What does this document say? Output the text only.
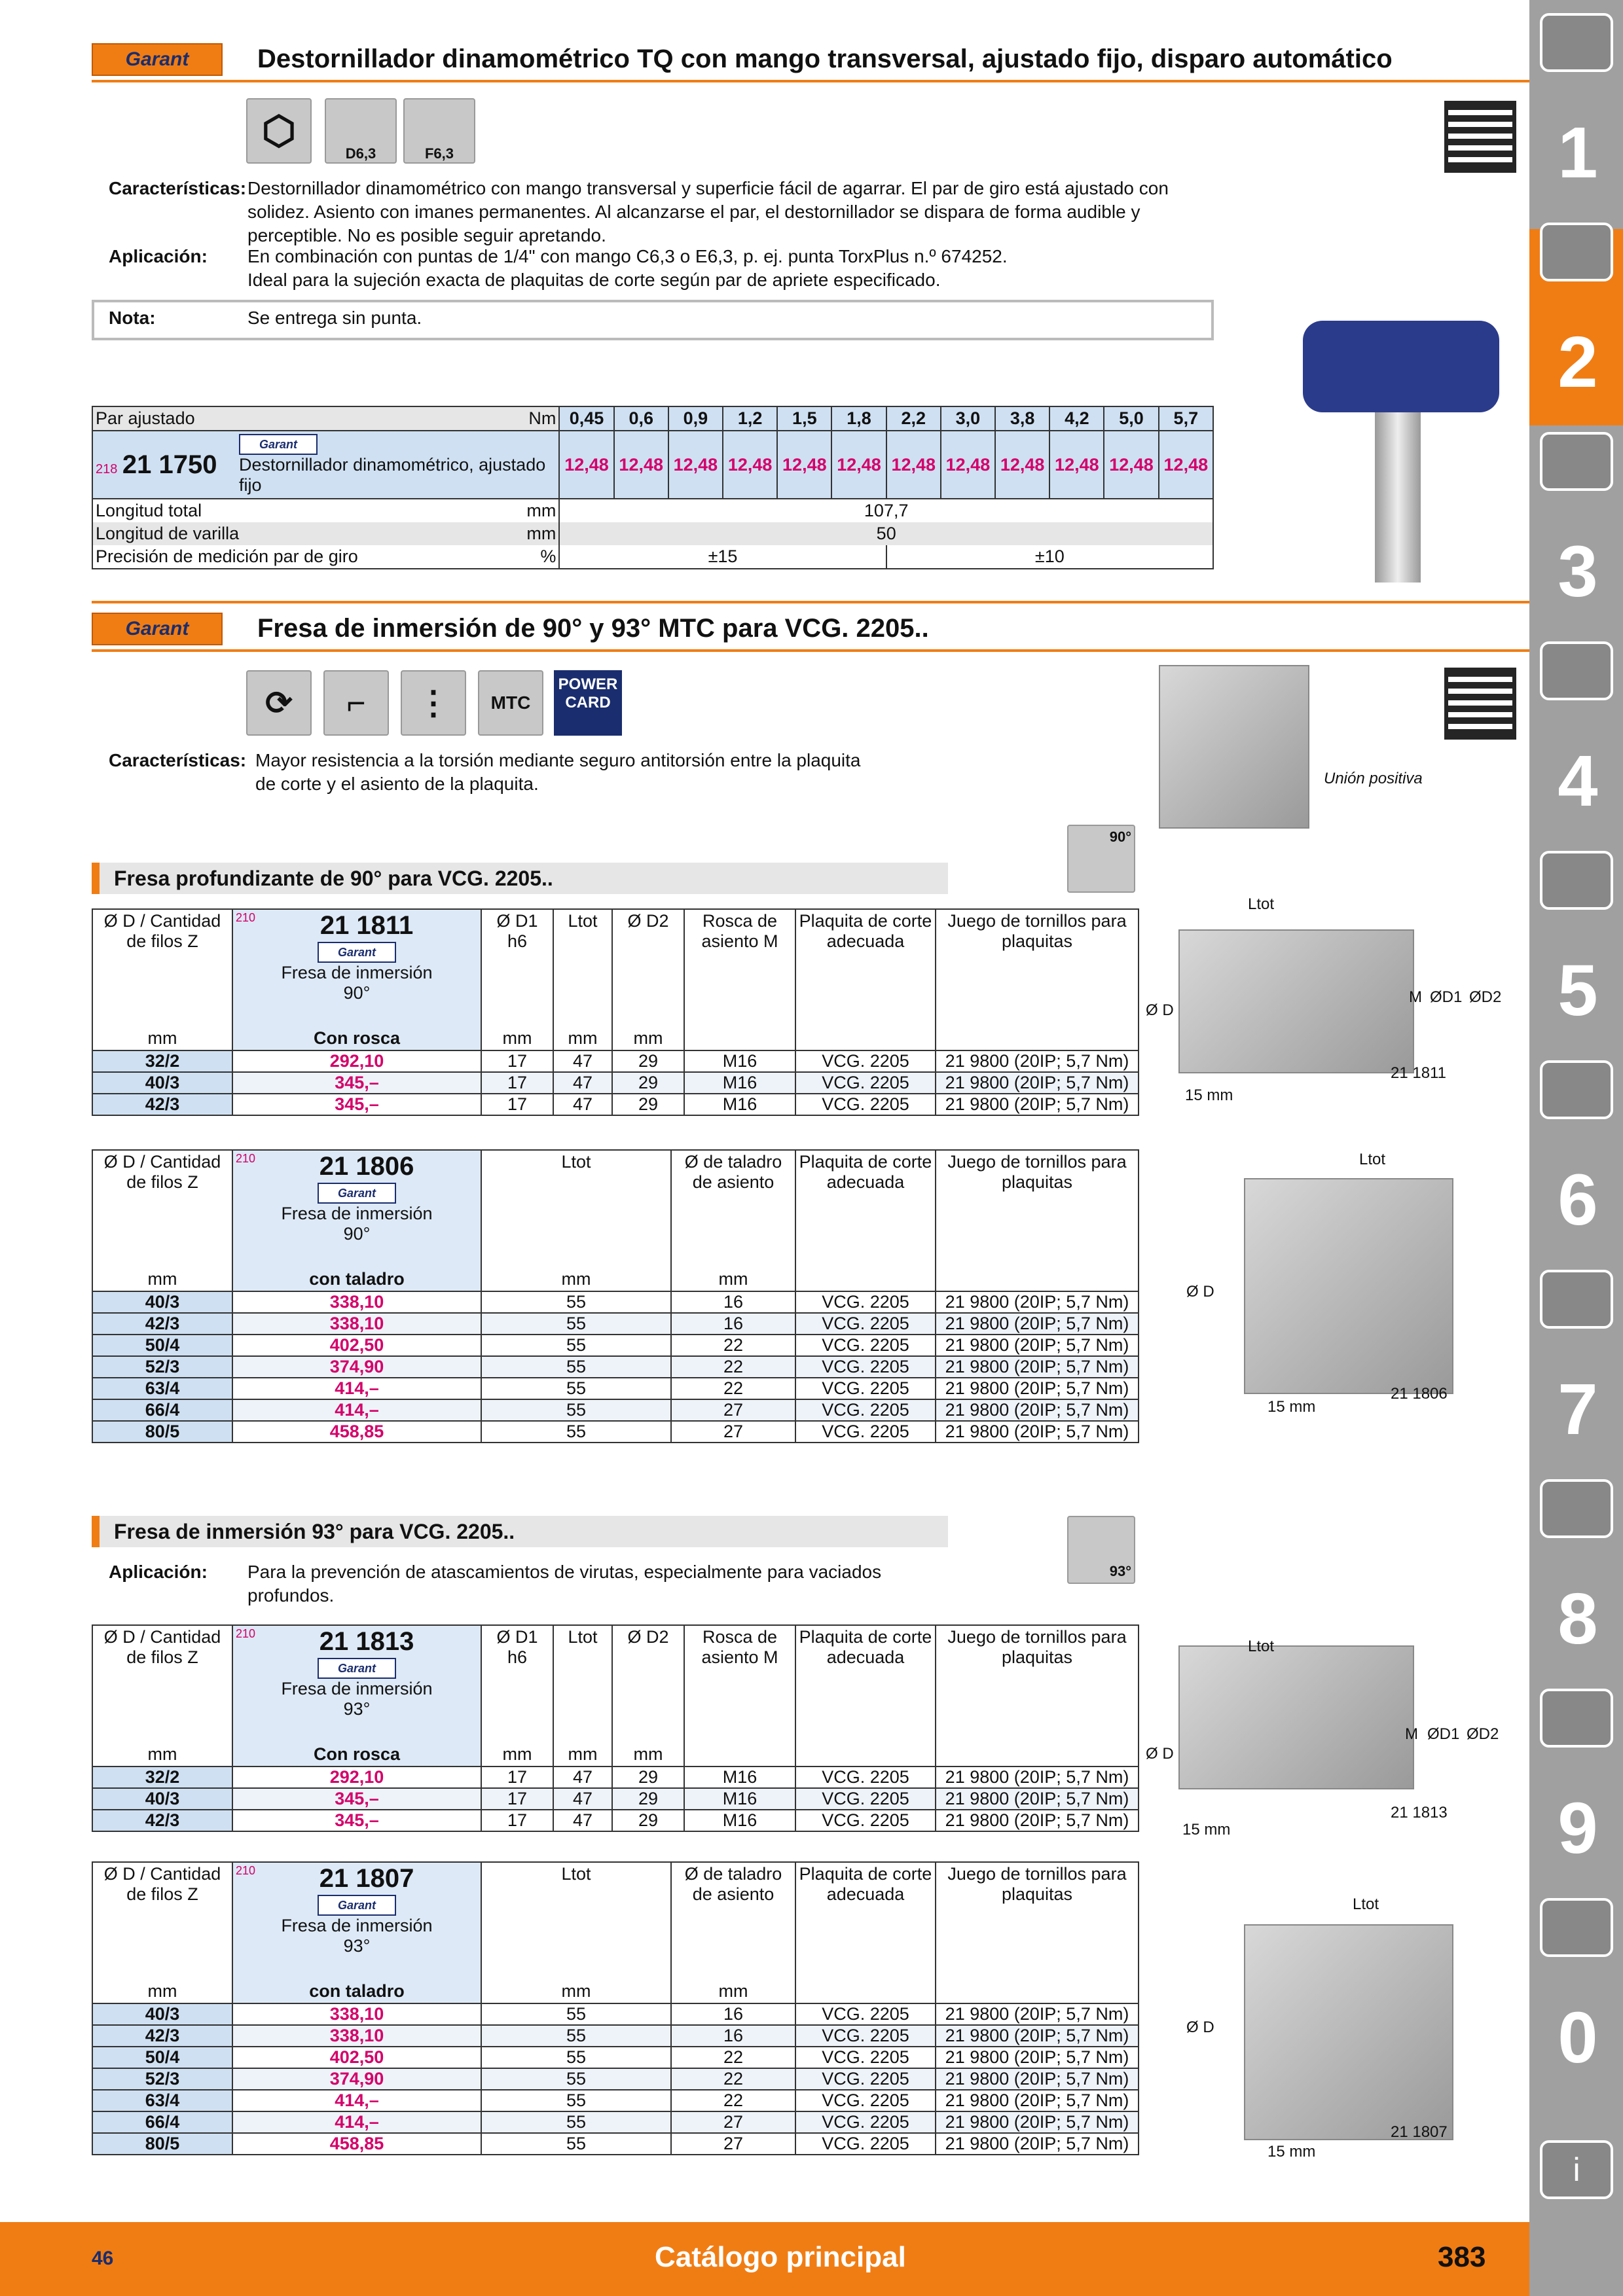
Garant	Destornillador dinamométrico TQ con mango transversal, ajustado fijo, disparo automático
⬡
D6,3	F6,3
Características: Destornillador dinamométrico con mango transversal y superficie fácil de agarrar. El par de giro está ajustado con solidez. Asiento con imanes permanentes. Al alcanzarse el par, el destornillador se dispara de forma audible y perceptible. No es posible seguir apretando.
Aplicación: En combinación con puntas de 1/4" con mango C6,3 o E6,3, p. ej. punta TorxPlus n.º 674252.
Ideal para la sujeción exacta de plaquitas de corte según par de apriete especificado.
Nota:	Se entrega sin punta.
Par ajustado		Nm	0,45	0,6	0,9	1,2	1,5	1,8	2,2	3,0	3,8	4,2	5,0	5,7
218 21 1750	Garant
Destornillador dinamométrico, ajustado fijo		12,48	12,48	12,48	12,48	12,48	12,48	12,48	12,48	12,48	12,48	12,48	12,48
Longitud total		mm	107,7											
Longitud de varilla		mm	50											
Precisión de medición par de giro		%	±15						±10					
Garant	Fresa de inmersión de 90° y 93° MTC para VCG. 2205..
⟳	⌐	⋮	MTC
POWER
CARD
Unión positiva
Características: Mayor resistencia a la torsión mediante seguro antitorsión entre la plaquita de corte y el asiento de la plaquita.
90°
Fresa profundizante de 90° para VCG. 2205..
Ø D / Cantidad de filos Z	210 21 1811
Garant
Fresa de inmersión
90°	Ø D1 h6	Ltot	Ø D2	Rosca de asiento M	Plaquita de corte adecuada	Juego de tornillos para plaquitas
mm	Con rosca	mm	mm	mm			
32/2	292,10	17	47	29	M16	VCG. 2205	21 9800 (20IP; 5,7 Nm)
40/3	345,–	17	47	29	M16	VCG. 2205	21 9800 (20IP; 5,7 Nm)
42/3	345,–	17	47	29	M16	VCG. 2205	21 9800 (20IP; 5,7 Nm)
Ø D / Cantidad de filos Z	210 21 1806
Garant
Fresa de inmersión
90°	Ltot	Ø de taladro de asiento	Plaquita de corte adecuada	Juego de tornillos para plaquitas
mm	con taladro	mm	mm		
40/3	338,10	55	16	VCG. 2205	21 9800 (20IP; 5,7 Nm)
42/3	338,10	55	16	VCG. 2205	21 9800 (20IP; 5,7 Nm)
50/4	402,50	55	22	VCG. 2205	21 9800 (20IP; 5,7 Nm)
52/3	374,90	55	22	VCG. 2205	21 9800 (20IP; 5,7 Nm)
63/4	414,–	55	22	VCG. 2205	21 9800 (20IP; 5,7 Nm)
66/4	414,–	55	27	VCG. 2205	21 9800 (20IP; 5,7 Nm)
80/5	458,85	55	27	VCG. 2205	21 9800 (20IP; 5,7 Nm)
Fresa de inmersión 93° para VCG. 2205..
93°
Aplicación: Para la prevención de atascamientos de virutas, especialmente para vaciados profundos.
Ø D / Cantidad de filos Z	210 21 1813
Garant
Fresa de inmersión
93°	Ø D1 h6	Ltot	Ø D2	Rosca de asiento M	Plaquita de corte adecuada	Juego de tornillos para plaquitas
mm	Con rosca	mm	mm	mm			
32/2	292,10	17	47	29	M16	VCG. 2205	21 9800 (20IP; 5,7 Nm)
40/3	345,–	17	47	29	M16	VCG. 2205	21 9800 (20IP; 5,7 Nm)
42/3	345,–	17	47	29	M16	VCG. 2205	21 9800 (20IP; 5,7 Nm)
Ø D / Cantidad de filos Z	210 21 1807
Garant
Fresa de inmersión
93°	Ltot	Ø de taladro de asiento	Plaquita de corte adecuada	Juego de tornillos para plaquitas
mm	con taladro	mm	mm		
40/3	338,10	55	16	VCG. 2205	21 9800 (20IP; 5,7 Nm)
42/3	338,10	55	16	VCG. 2205	21 9800 (20IP; 5,7 Nm)
50/4	402,50	55	22	VCG. 2205	21 9800 (20IP; 5,7 Nm)
52/3	374,90	55	22	VCG. 2205	21 9800 (20IP; 5,7 Nm)
63/4	414,–	55	22	VCG. 2205	21 9800 (20IP; 5,7 Nm)
66/4	414,–	55	27	VCG. 2205	21 9800 (20IP; 5,7 Nm)
80/5	458,85	55	27	VCG. 2205	21 9800 (20IP; 5,7 Nm)
Ltot
Ø D
M ØD1 ØD2
15 mm
21 1811
Ltot
Ø D
15 mm
21 1806
Ltot
Ø D
M ØD1 ØD2
15 mm
21 1813
Ltot
Ø D
15 mm
21 1807
1
2
3
4
5
6
7
8
9
0
i
46	Catálogo principal	383
